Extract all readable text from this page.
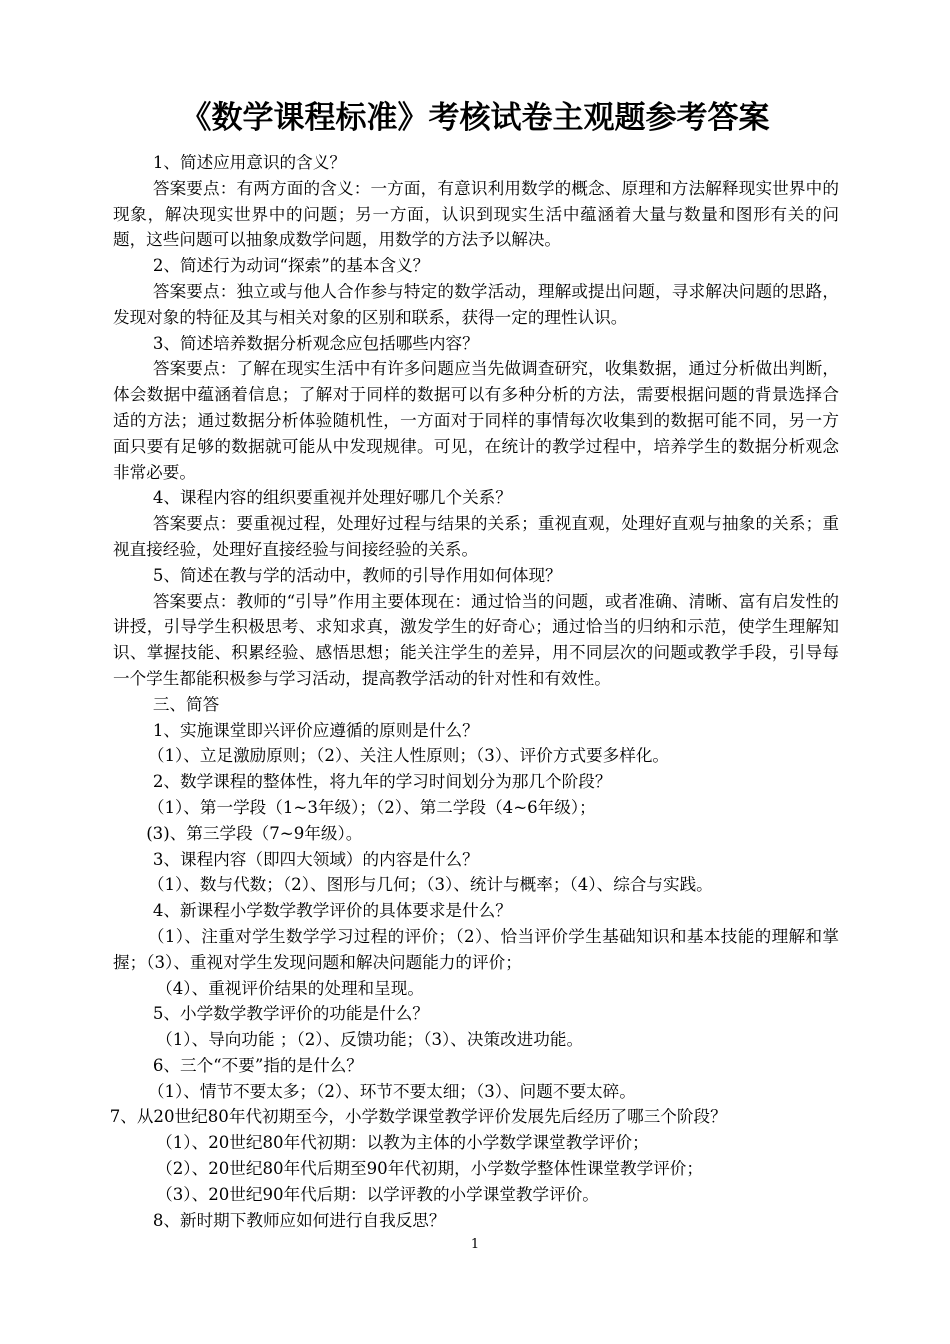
《数学课程标准》考核试卷主观题参考答案

1、简述应用意识的含义？

答案要点：有两方面的含义：一方面，有意识利用数学的概念、原理和方法解释现实世界中的现象，解决现实世界中的问题；另一方面，认识到现实生活中蕴涵着大量与数量和图形有关的问题，这些问题可以抽象成数学问题，用数学的方法予以解决。

2、简述行为动词“探索”的基本含义？

答案要点：独立或与他人合作参与特定的数学活动，理解或提出问题，寻求解决问题的思路，发现对象的特征及其与相关对象的区别和联系，获得一定的理性认识。

3、简述培养数据分析观念应包括哪些内容？

答案要点：了解在现实生活中有许多问题应当先做调查研究，收集数据，通过分析做出判断，体会数据中蕴涵着信息；了解对于同样的数据可以有多种分析的方法，需要根据问题的背景选择合适的方法；通过数据分析体验随机性，一方面对于同样的事情每次收集到的数据可能不同，另一方面只要有足够的数据就可能从中发现规律。可见，在统计的教学过程中，培养学生的数据分析观念非常必要。

4、课程内容的组织要重视并处理好哪几个关系？

答案要点：要重视过程，处理好过程与结果的关系；重视直观，处理好直观与抽象的关系；重视直接经验，处理好直接经验与间接经验的关系。

5、简述在教与学的活动中，教师的引导作用如何体现？

答案要点：教师的“引导”作用主要体现在：通过恰当的问题，或者准确、清晰、富有启发性的讲授，引导学生积极思考、求知求真，激发学生的好奇心；通过恰当的归纳和示范，使学生理解知识、掌握技能、积累经验、感悟思想；能关注学生的差异，用不同层次的问题或教学手段，引导每一个学生都能积极参与学习活动，提高教学活动的针对性和有效性。

三、简答

1、实施课堂即兴评价应遵循的原则是什么？

（1）、立足激励原则；（2）、关注人性原则；（3）、评价方式要多样化。

2、数学课程的整体性，将九年的学习时间划分为那几个阶段？

（1）、第一学段（1~3年级）；（2）、第二学段（4~6年级）；

(3)、第三学段（7~9年级）。

3、课程内容（即四大领域）的内容是什么？

（1）、数与代数；（2）、图形与几何；（3）、统计与概率；（4）、综合与实践。

4、新课程小学数学教学评价的具体要求是什么？

（1）、注重对学生数学学习过程的评价；（2）、恰当评价学生基础知识和基本技能的理解和掌握；（3）、重视对学生发现问题和解决问题能力的评价；

（4）、重视评价结果的处理和呈现。

5、小学数学教学评价的功能是什么？

（1）、导向功能 ；（2）、反馈功能；（3）、决策改进功能。

6、三个“不要”指的是什么？

（1）、情节不要太多；（2）、环节不要太细；（3）、问题不要太碎。

7、从20世纪80年代初期至今，小学数学课堂教学评价发展先后经历了哪三个阶段？

（1）、20世纪80年代初期：以教为主体的小学数学课堂教学评价；

（2）、20世纪80年代后期至90年代初期，小学数学整体性课堂教学评价；

（3）、20世纪90年代后期：以学评教的小学课堂教学评价。

8、新时期下教师应如何进行自我反思？

1
